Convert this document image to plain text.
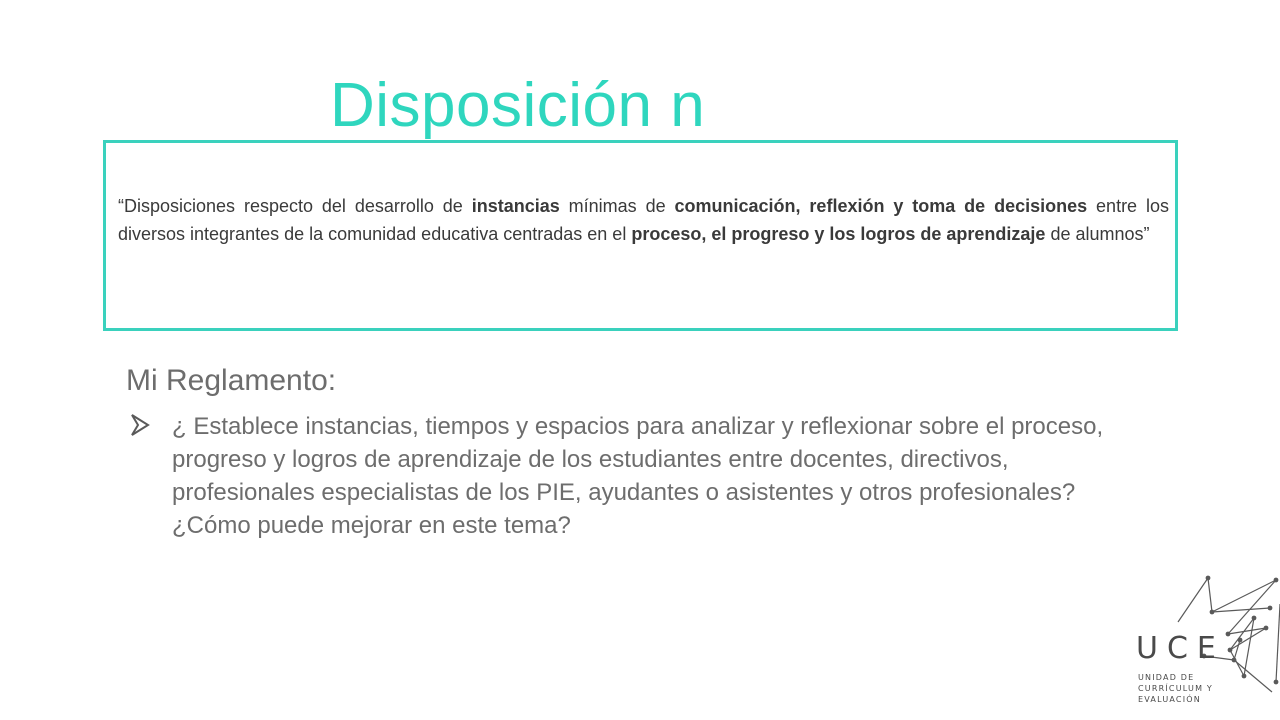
Disposición n

“Disposiciones respecto del desarrollo de instancias mínimas de comunicación, reflexión y toma de decisiones entre los diversos integrantes de la comunidad educativa centradas en el proceso, el progreso y los logros de aprendizaje de alumnos”

Mi Reglamento:

¿ Establece instancias, tiempos y espacios para analizar y reflexionar sobre el proceso, progreso y logros de aprendizaje de los estudiantes entre docentes, directivos, profesionales especialistas de los PIE, ayudantes o asistentes y otros profesionales? ¿Cómo puede mejorar en este tema?

UCE
UNIDAD DE
CURRÍCULUM Y
EVALUACIÓN
